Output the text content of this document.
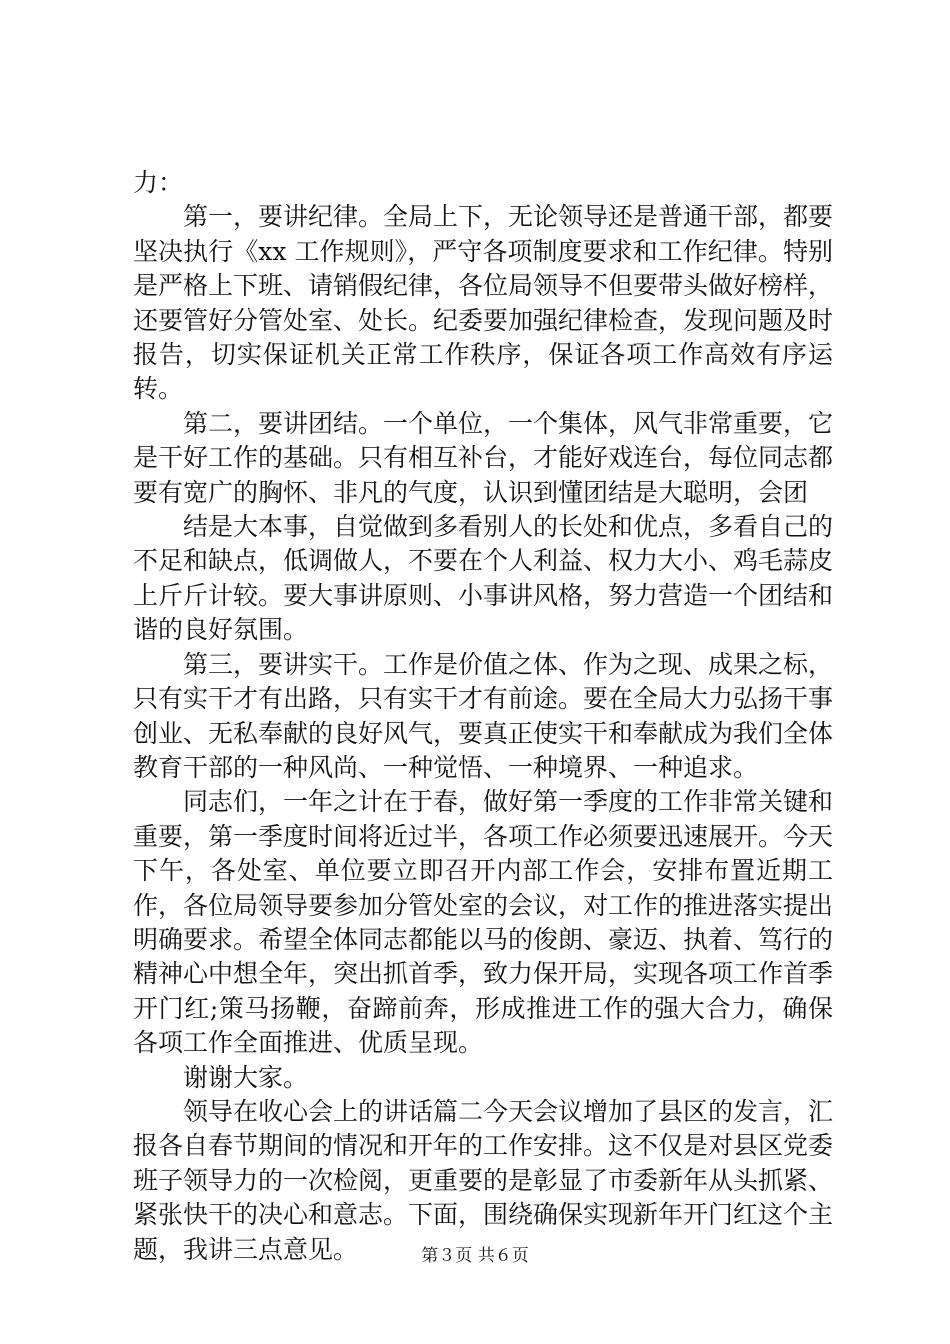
力：

第一，要讲纪律。全局上下，无论领导还是普通干部，都要坚决执行《xx 工作规则》，严守各项制度要求和工作纪律。特别是严格上下班、请销假纪律，各位局领导不但要带头做好榜样，还要管好分管处室、处长。纪委要加强纪律检查，发现问题及时报告，切实保证机关正常工作秩序，保证各项工作高效有序运转。

第二，要讲团结。一个单位，一个集体，风气非常重要，它是干好工作的基础。只有相互补台，才能好戏连台，每位同志都要有宽广的胸怀、非凡的气度，认识到懂团结是大聪明，会团

结是大本事，自觉做到多看别人的长处和优点，多看自己的不足和缺点，低调做人，不要在个人利益、权力大小、鸡毛蒜皮上斤斤计较。要大事讲原则、小事讲风格，努力营造一个团结和谐的良好氛围。

第三，要讲实干。工作是价值之体、作为之现、成果之标，只有实干才有出路，只有实干才有前途。要在全局大力弘扬干事创业、无私奉献的良好风气，要真正使实干和奉献成为我们全体教育干部的一种风尚、一种觉悟、一种境界、一种追求。

同志们，一年之计在于春，做好第一季度的工作非常关键和重要，第一季度时间将近过半，各项工作必须要迅速展开。今天下午，各处室、单位要立即召开内部工作会，安排布置近期工作，各位局领导要参加分管处室的会议，对工作的推进落实提出明确要求。希望全体同志都能以马的俊朗、豪迈、执着、笃行的精神心中想全年，突出抓首季，致力保开局，实现各项工作首季开门红;策马扬鞭，奋蹄前奔，形成推进工作的强大合力，确保各项工作全面推进、优质呈现。

谢谢大家。

领导在收心会上的讲话篇二今天会议增加了县区的发言，汇报各自春节期间的情况和开年的工作安排。这不仅是对县区党委班子领导力的一次检阅，更重要的是彰显了市委新年从头抓紧、紧张快干的决心和意志。下面，围绕确保实现新年开门红这个主题，我讲三点意见。	第３页 共６页
